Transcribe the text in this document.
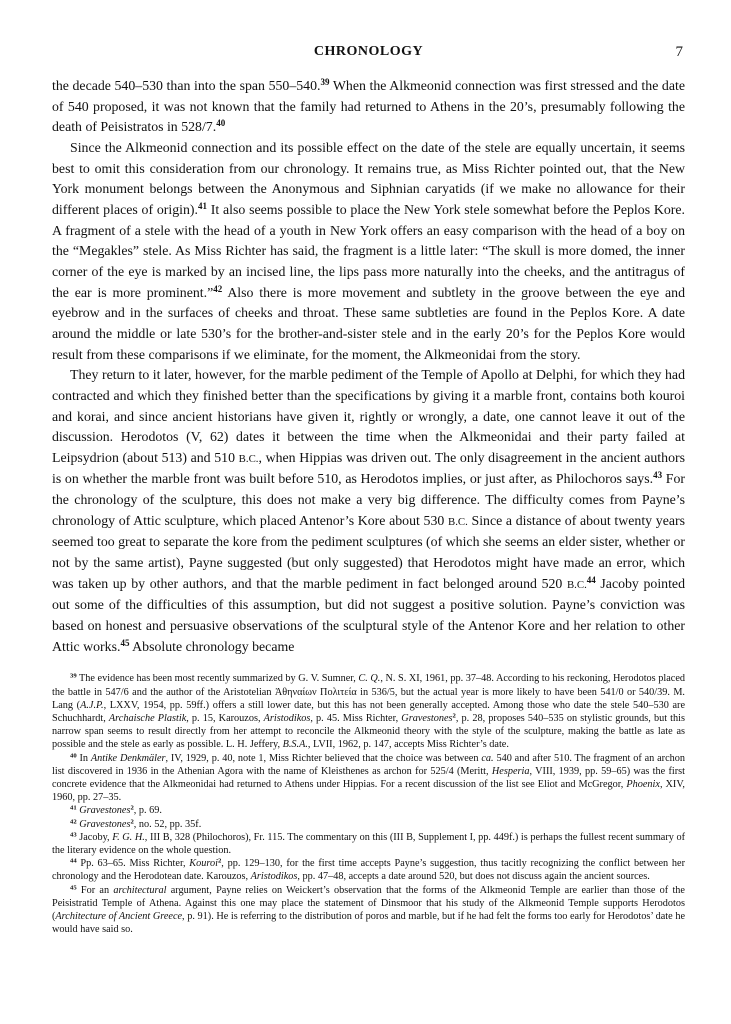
CHRONOLOGY	7

the decade 540–530 than into the span 550–540.39 When the Alkmeonid connection was first stressed and the date of 540 proposed, it was not known that the family had returned to Athens in the 20’s, presumably following the death of Peisistratos in 528/7.40

Since the Alkmeonid connection and its possible effect on the date of the stele are equally uncertain, it seems best to omit this consideration from our chronology. It remains true, as Miss Richter pointed out, that the New York monument belongs between the Anonymous and Siphnian caryatids (if we make no allowance for their different places of origin).$^{41}$ It also seems possible to place the New York stele somewhat before the Peplos Kore. A fragment of a stele with the head of a youth in New York offers an easy comparison with the head of a boy on the “Megakles” stele. As Miss Richter has said, the fragment is a little later: “The skull is more domed, the inner corner of the eye is marked by an incised line, the lips pass more naturally into the cheeks, and the antitragus of the ear is more prominent.”$^{42}$ Also there is more movement and subtlety in the groove between the eye and eyebrow and in the surfaces of cheeks and throat. These same subtleties are found in the Peplos Kore. A date around the middle or late 530’s for the brother-and-sister stele and in the early 20’s for the Peplos Kore would result from these comparisons if we eliminate, for the moment, the Alkmeonidai from the story.

They return to it later, however, for the marble pediment of the Temple of Apollo at Delphi, for which they had contracted and which they finished better than the specifications by giving it a marble front, contains both kouroi and korai, and since ancient historians have given it, rightly or wrongly, a date, one cannot leave it out of the discussion. Herodotos (V, 62) dates it between the time when the Alkmeonidai and their party failed at Leipsydrion (about 513) and 510 B.C., when Hippias was driven out. The only disagreement in the ancient authors is on whether the marble front was built before 510, as Herodotos implies, or just after, as Philochoros says.$^{43}$ For the chronology of the sculpture, this does not make a very big difference. The difficulty comes from Payne’s chronology of Attic sculpture, which placed Antenor’s Kore about 530 B.C. Since a distance of about twenty years seemed too great to separate the kore from the pediment sculptures (of which she seems an elder sister, whether or not by the same artist), Payne suggested (but only suggested) that Herodotos might have made an error, which was taken up by other authors, and that the marble pediment in fact belonged around 520 B.C.$^{44}$ Jacoby pointed out some of the difficulties of this assumption, but did not suggest a positive solution. Payne’s conviction was based on honest and persuasive observations of the sculptural style of the Antenor Kore and her relation to other Attic works.$^{45}$ Absolute chronology became

$^{39}$ The evidence has been most recently summarized by G. V. Sumner, C. Q., N. S. XI, 1961, pp. 37–48. According to his reckoning, Herodotos placed the battle in 547/6 and the author of the Aristotelian Ἀθηναίων Πολιτεία in 536/5, but the actual year is more likely to have been 541/0 or 540/39. M. Lang (A.J.P., LXXV, 1954, pp. 59ff.) offers a still lower date, but this has not been generally accepted. Among those who date the stele 540–530 are Schuchhardt, Archaische Plastik, p. 15, Karouzos, Aristodikos, p. 45. Miss Richter, Gravestones$^2$, p. 28, proposes 540–535 on stylistic grounds, but this narrow span seems to result directly from her attempt to reconcile the Alkmeonid theory with the style of the sculpture, making the battle as late as possible and the stele as early as possible. L. H. Jeffery, B.S.A., LVII, 1962, p. 147, accepts Miss Richter’s date.

$^{40}$ In Antike Denkmäler, IV, 1929, p. 40, note 1, Miss Richter believed that the choice was between ca. 540 and after 510. The fragment of an archon list discovered in 1936 in the Athenian Agora with the name of Kleisthenes as archon for 525/4 (Meritt, Hesperia, VIII, 1939, pp. 59–65) was the first concrete evidence that the Alkmeonidai had returned to Athens under Hippias. For a recent discussion of the list see Eliot and McGregor, Phoenix, XIV, 1960, pp. 27–35.

$^{41}$ Gravestones$^2$, p. 69.

$^{42}$ Gravestones$^2$, no. 52, pp. 35f.

$^{43}$ Jacoby, F. G. H., III B, 328 (Philochoros), Fr. 115. The commentary on this (III B, Supplement I, pp. 449f.) is perhaps the fullest recent summary of the literary evidence on the whole question.

$^{44}$ Pp. 63–65. Miss Richter, Kouroi$^2$, pp. 129–130, for the first time accepts Payne’s suggestion, thus tacitly recognizing the conflict between her chronology and the Herodotean date. Karouzos, Aristodikos, pp. 47–48, accepts a date around 520, but does not discuss again the ancient sources.

$^{45}$ For an architectural argument, Payne relies on Weickert’s observation that the forms of the Alkmeonid Temple are earlier than those of the Peisistratid Temple of Athena. Against this one may place the statement of Dinsmoor that his study of the Alkmeonid Temple supports Herodotos (Architecture of Ancient Greece, p. 91). He is referring to the distribution of poros and marble, but if he had felt the forms too early for Herodotos’ date he would have said so.
